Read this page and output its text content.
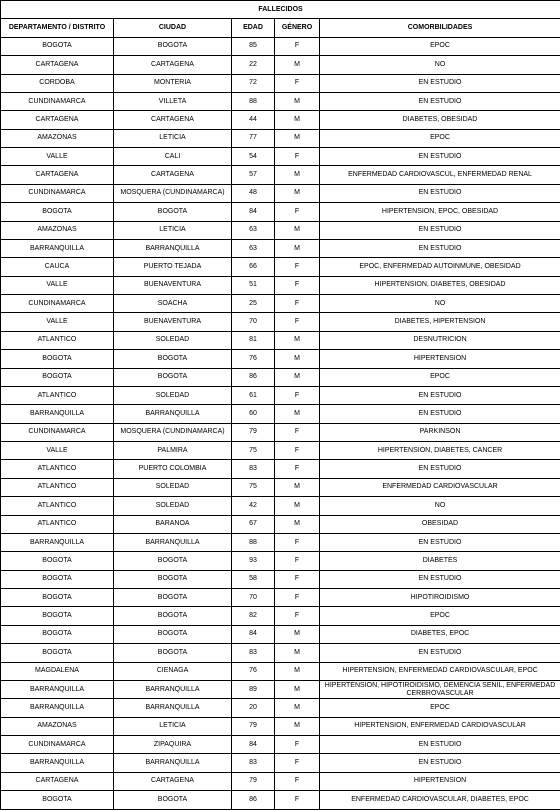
FALLECIDOS				
DEPARTAMENTO / DISTRITO	CIUDAD	EDAD	GÉNERO	COMORBILIDADES
BOGOTA	BOGOTA	85	F	EPOC
CARTAGENA	CARTAGENA	22	M	NO
CORDOBA	MONTERIA	72	F	EN ESTUDIO
CUNDINAMARCA	VILLETA	88	M	EN ESTUDIO
CARTAGENA	CARTAGENA	44	M	DIABETES, OBESIDAD
AMAZONAS	LETICIA	77	M	EPOC
VALLE	CALI	54	F	EN ESTUDIO
CARTAGENA	CARTAGENA	57	M	ENFERMEDAD CARDIOVASCUL, ENFERMEDAD RENAL
CUNDINAMARCA	MOSQUERA (CUNDINAMARCA)	48	M	EN ESTUDIO
BOGOTA	BOGOTA	84	F	HIPERTENSION, EPOC, OBESIDAD
AMAZONAS	LETICIA	63	M	EN ESTUDIO
BARRANQUILLA	BARRANQUILLA	63	M	EN ESTUDIO
CAUCA	PUERTO TEJADA	66	F	EPOC, ENFERMEDAD AUTOINMUNE, OBESIDAD
VALLE	BUENAVENTURA	51	F	HIPERTENSION, DIABETES, OBESIDAD
CUNDINAMARCA	SOACHA	25	F	NO
VALLE	BUENAVENTURA	70	F	DIABETES, HIPERTENSION
ATLANTICO	SOLEDAD	81	M	DESNUTRICION
BOGOTA	BOGOTA	76	M	HIPERTENSION
BOGOTA	BOGOTA	86	M	EPOC
ATLANTICO	SOLEDAD	61	F	EN ESTUDIO
BARRANQUILLA	BARRANQUILLA	60	M	EN ESTUDIO
CUNDINAMARCA	MOSQUERA (CUNDINAMARCA)	79	F	PARKINSON
VALLE	PALMIRA	75	F	HIPERTENSION, DIABETES, CANCER
ATLANTICO	PUERTO COLOMBIA	83	F	EN ESTUDIO
ATLANTICO	SOLEDAD	75	M	ENFERMEDAD CARDIOVASCULAR
ATLANTICO	SOLEDAD	42	M	NO
ATLANTICO	BARANOA	67	M	OBESIDAD
BARRANQUILLA	BARRANQUILLA	88	F	EN ESTUDIO
BOGOTA	BOGOTA	93	F	DIABETES
BOGOTA	BOGOTA	58	F	EN ESTUDIO
BOGOTA	BOGOTA	70	F	HIPOTIROIDISMO
BOGOTA	BOGOTA	82	F	EPOC
BOGOTA	BOGOTA	84	M	DIABETES, EPOC
BOGOTA	BOGOTA	83	M	EN ESTUDIO
MAGDALENA	CIENAGA	76	M	HIPERTENSION, ENFERMEDAD CARDIOVASCULAR, EPOC
BARRANQUILLA	BARRANQUILLA	89	M	HIPERTENSION, HIPOTIROIDISMO, DEMENCIA SENIL, ENFERMEDAD CERBROVASCULAR
BARRANQUILLA	BARRANQUILLA	20	M	EPOC
AMAZONAS	LETICIA	79	M	HIPERTENSION, ENFERMEDAD CARDIOVASCULAR
CUNDINAMARCA	ZIPAQUIRA	84	F	EN ESTUDIO
BARRANQUILLA	BARRANQUILLA	83	F	EN ESTUDIO
CARTAGENA	CARTAGENA	79	F	HIPERTENSION
BOGOTA	BOGOTA	86	F	ENFERMEDAD CARDIOVASCULAR, DIABETES, EPOC
